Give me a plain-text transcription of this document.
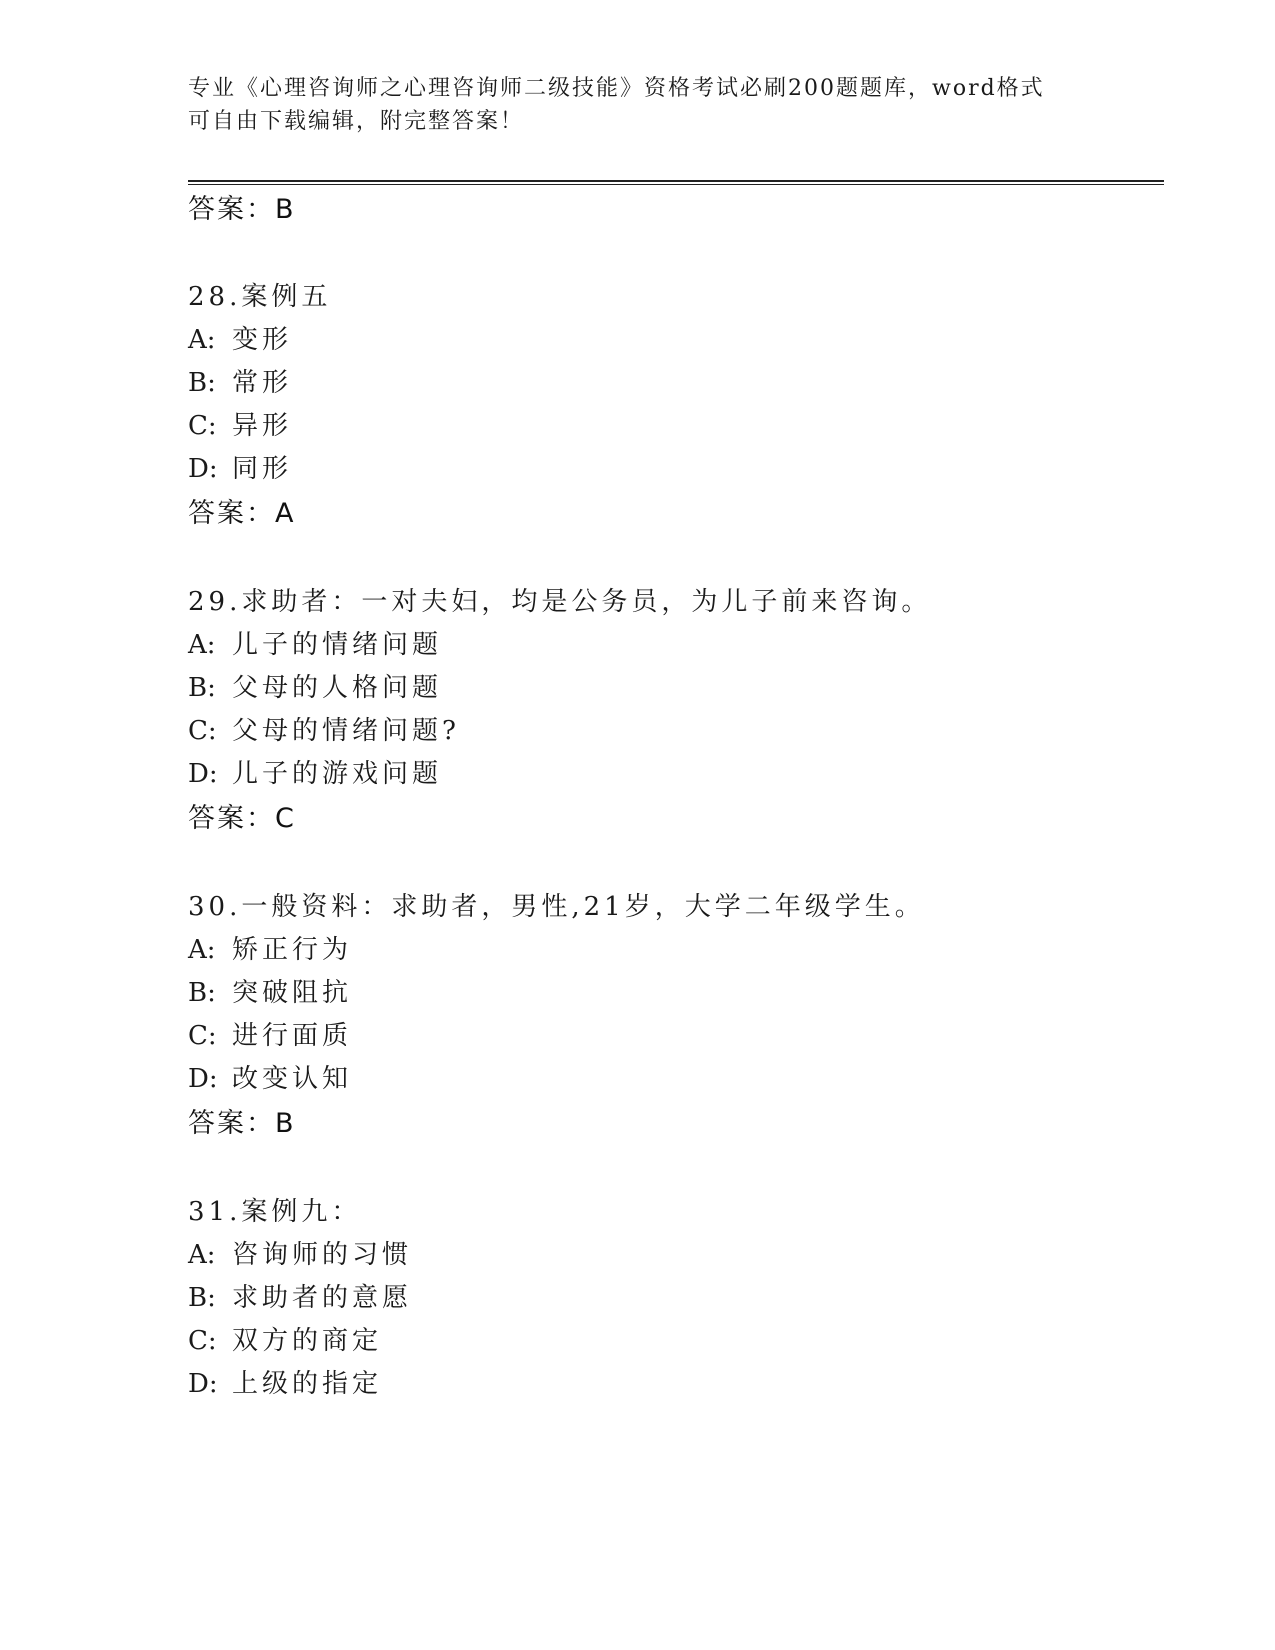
专业《心理咨询师之心理咨询师二级技能》资格考试必刷200题题库，word格式
可自由下载编辑，附完整答案！
答案：B
28.案例五
A: 变形
B: 常形
C: 异形
D: 同形
答案：A
29.求助者：一对夫妇，均是公务员，为儿子前来咨询。
A: 儿子的情绪问题
B: 父母的人格问题
C: 父母的情绪问题?
D: 儿子的游戏问题
答案：C
30.一般资料：求助者，男性,21岁，大学二年级学生。
A: 矫正行为
B: 突破阻抗
C: 进行面质
D: 改变认知
答案：B
31.案例九：
A: 咨询师的习惯
B: 求助者的意愿
C: 双方的商定
D: 上级的指定
